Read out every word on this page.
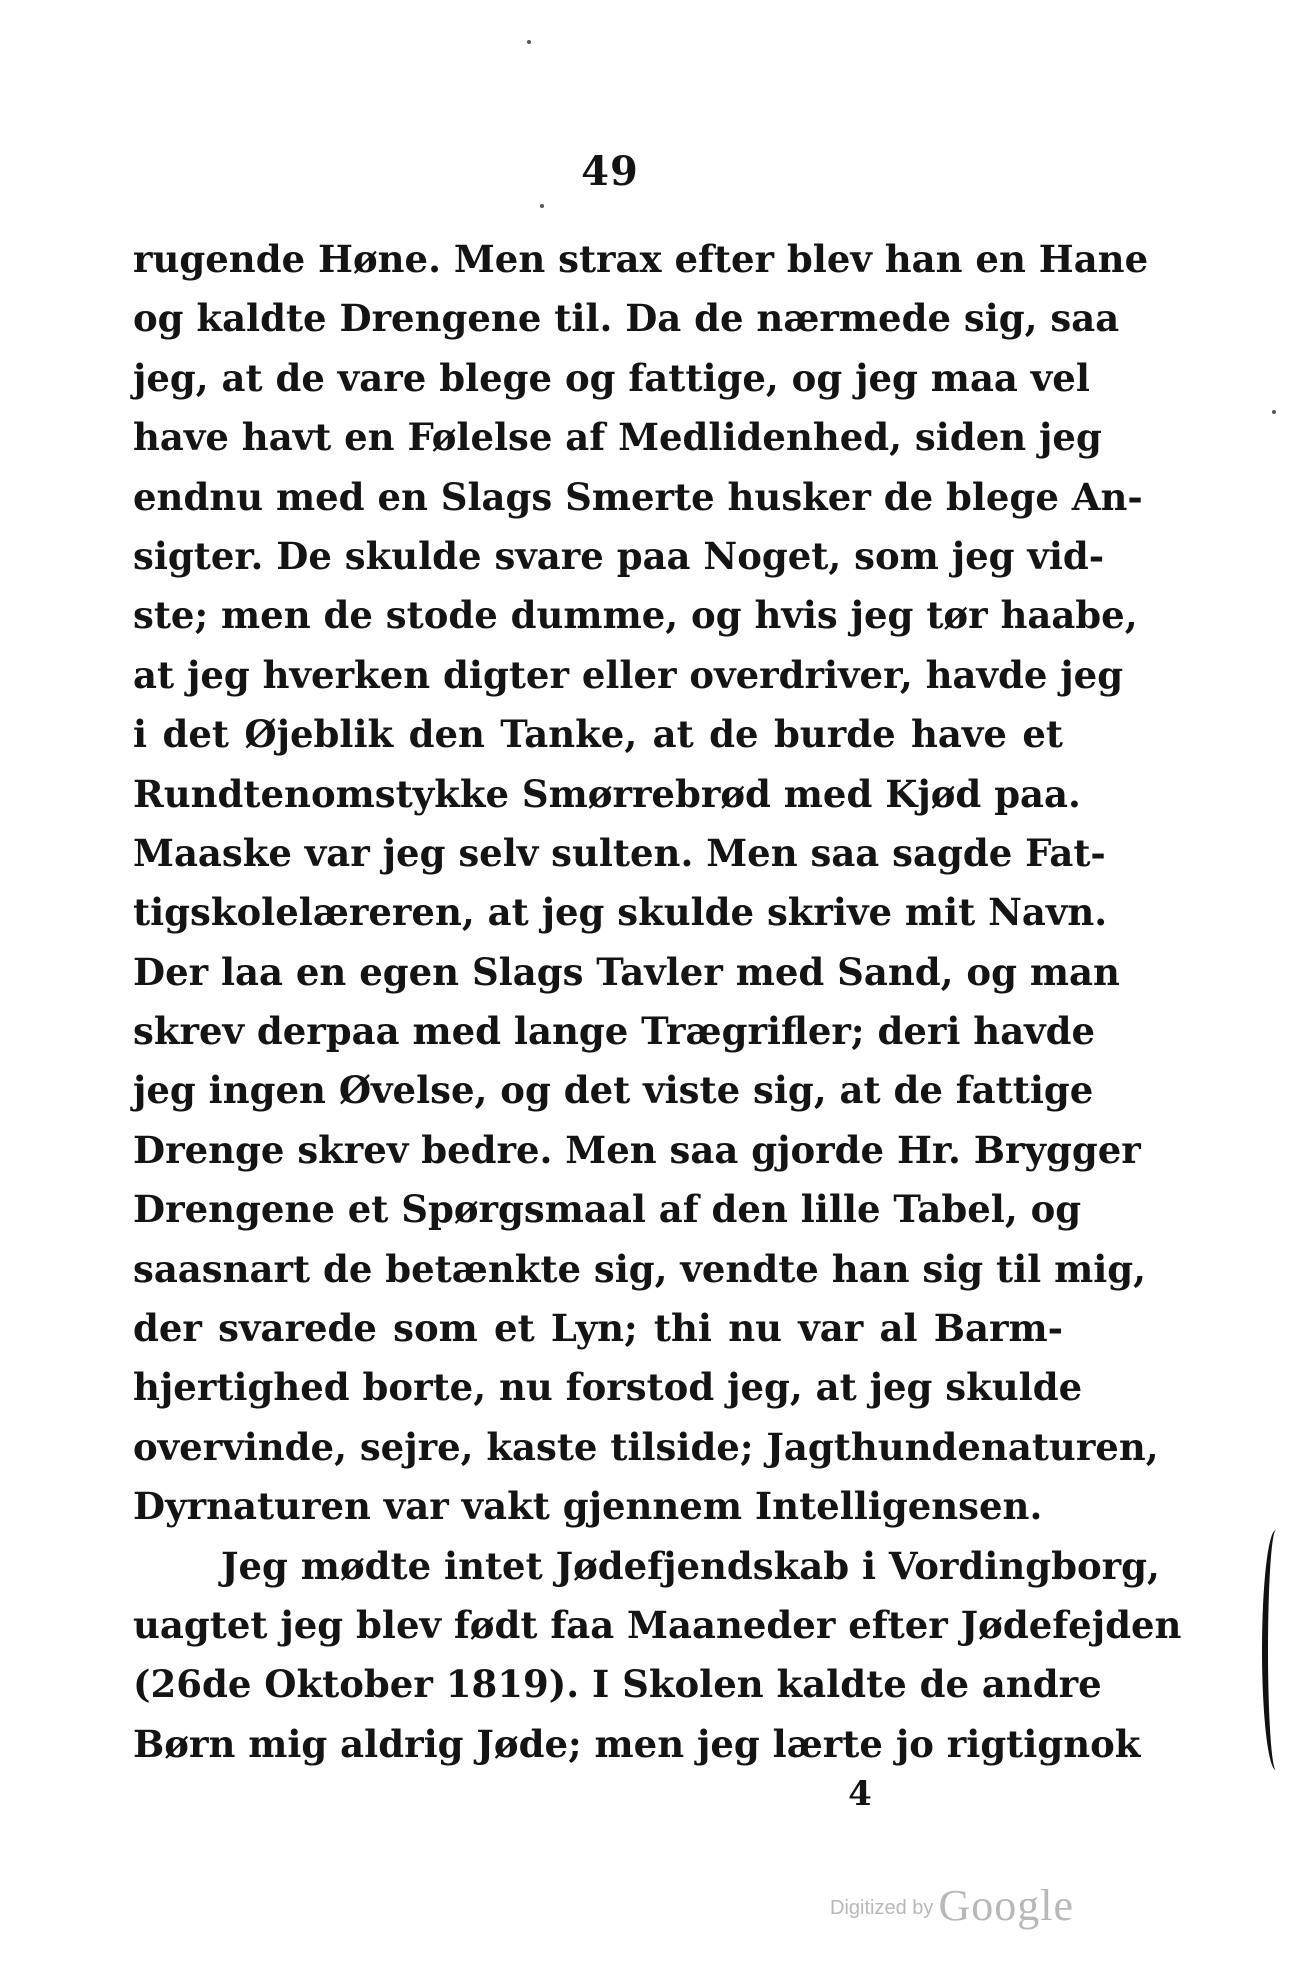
49
rugende Høne. Men strax efter blev han en Hane
og kaldte Drengene til. Da de nærmede sig, saa
jeg, at de vare blege og fattige, og jeg maa vel
have havt en Følelse af Medlidenhed, siden jeg
endnu med en Slags Smerte husker de blege An-
sigter. De skulde svare paa Noget, som jeg vid-
ste; men de stode dumme, og hvis jeg tør haabe,
at jeg hverken digter eller overdriver, havde jeg
i det Øjeblik den Tanke, at de burde have et
Rundtenomstykke Smørrebrød med Kjød paa.
Maaske var jeg selv sulten. Men saa sagde Fat-
tigskolelæreren, at jeg skulde skrive mit Navn.
Der laa en egen Slags Tavler med Sand, og man
skrev derpaa med lange Trægrifler; deri havde
jeg ingen Øvelse, og det viste sig, at de fattige
Drenge skrev bedre. Men saa gjorde Hr. Brygger
Drengene et Spørgsmaal af den lille Tabel, og
saasnart de betænkte sig, vendte han sig til mig,
der svarede som et Lyn; thi nu var al Barm-
hjertighed borte, nu forstod jeg, at jeg skulde
overvinde, sejre, kaste tilside; Jagthundenaturen,
Dyrnaturen var vakt gjennem Intelligensen.
Jeg mødte intet Jødefjendskab i Vordingborg,
uagtet jeg blev født faa Maaneder efter Jødefejden
(26de Oktober 1819). I Skolen kaldte de andre
Børn mig aldrig Jøde; men jeg lærte jo rigtignok
4
Digitized by Google
